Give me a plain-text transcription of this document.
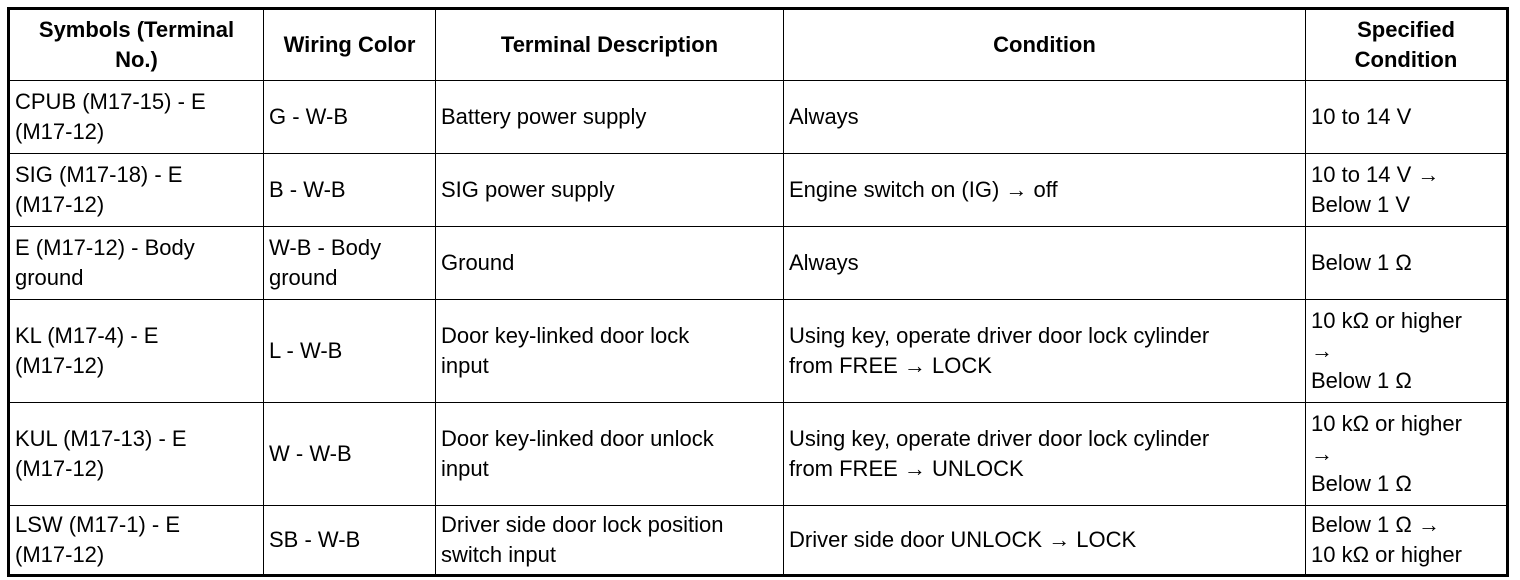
Symbols (Terminal
No.)	Wiring Color	Terminal Description	Condition	Specified
Condition

CPUB (M17-15) - E
(M17-12)	G - W-B	Battery power supply	Always	10 to 14 V

SIG (M17-18) - E
(M17-12)	B - W-B	SIG power supply	Engine switch on (IG) → off	10 to 14 V →
Below 1 V

E (M17-12) - Body
ground	W-B - Body
ground	Ground	Always	Below 1 Ω

KL (M17-4) - E
(M17-12)	L - W-B	Door key-linked door lock
input	Using key, operate driver door lock cylinder
from FREE → LOCK	10 kΩ or higher
→
Below 1 Ω

KUL (M17-13) - E
(M17-12)	W - W-B	Door key-linked door unlock
input	Using key, operate driver door lock cylinder
from FREE → UNLOCK	10 kΩ or higher
→
Below 1 Ω

LSW (M17-1) - E
(M17-12)	SB - W-B	Driver side door lock position
switch input	Driver side door UNLOCK → LOCK	Below 1 Ω →
10 kΩ or higher
